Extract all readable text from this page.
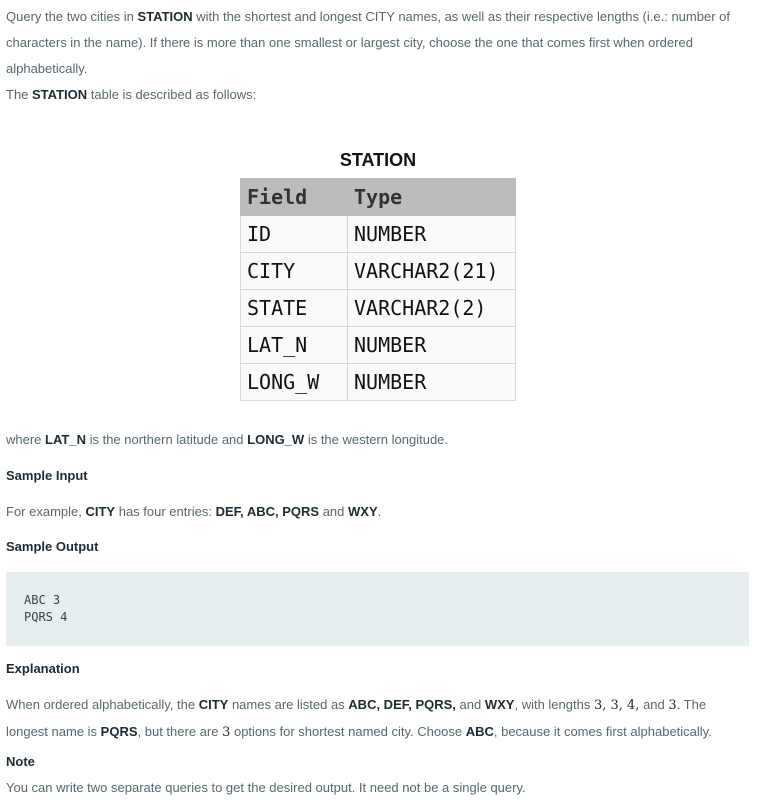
Query the two cities in STATION with the shortest and longest CITY names, as well as their respective lengths (i.e.: number of characters in the name). If there is more than one smallest or largest city, choose the one that comes first when ordered alphabetically.

The STATION table is described as follows:

STATION
Field	Type
ID	NUMBER
CITY	VARCHAR2(21)
STATE	VARCHAR2(2)
LAT_N	NUMBER
LONG_W	NUMBER

where LAT_N is the northern latitude and LONG_W is the western longitude.

Sample Input

For example, CITY has four entries: DEF, ABC, PQRS and WXY.

Sample Output

ABC 3
PQRS 4

Explanation

When ordered alphabetically, the CITY names are listed as ABC, DEF, PQRS, and WXY, with lengths 3, 3, 4, and 3. The longest name is PQRS, but there are 3 options for shortest named city. Choose ABC, because it comes first alphabetically.

Note

You can write two separate queries to get the desired output. It need not be a single query.
